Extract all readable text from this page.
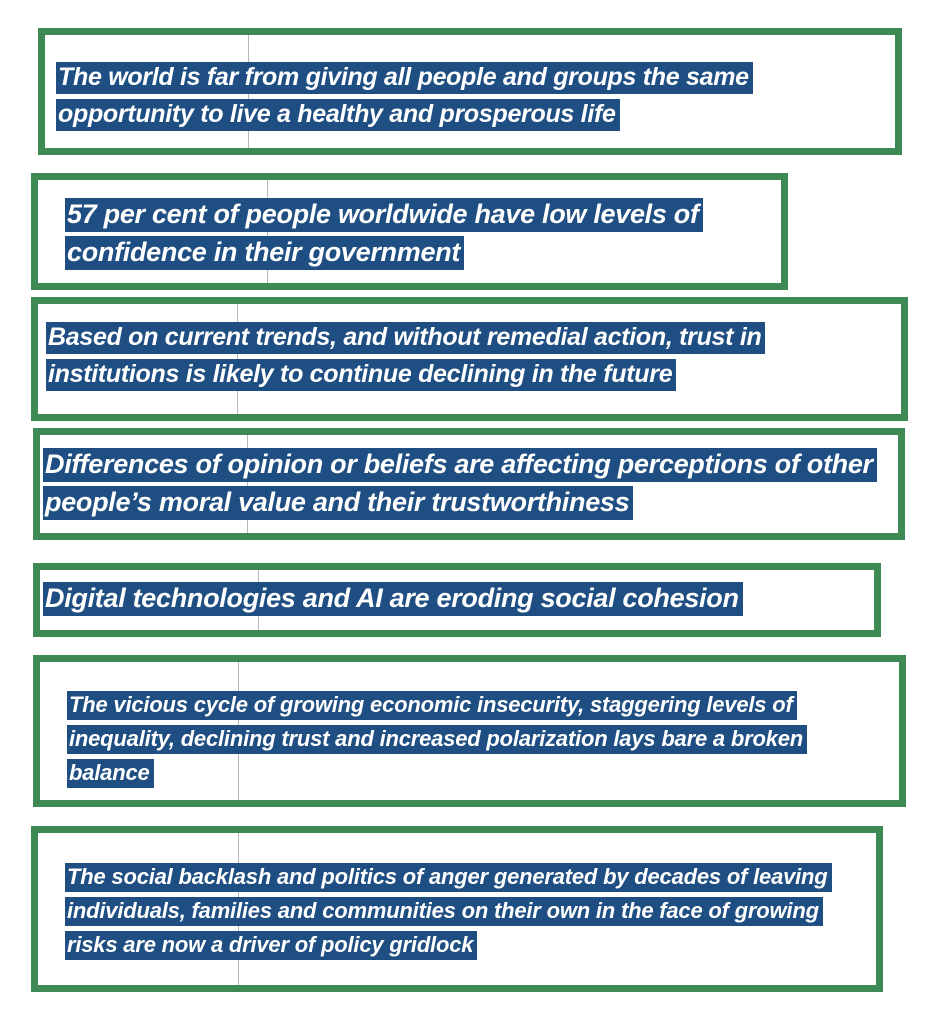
The world is far from giving all people and groups the same opportunity to live a healthy and prosperous life

57 per cent of people worldwide have low levels of confidence in their government

Based on current trends, and without remedial action, trust in institutions is likely to continue declining in the future

Differences of opinion or beliefs are affecting perceptions of other people’s moral value and their trustworthiness

Digital technologies and AI are eroding social cohesion

The vicious cycle of growing economic insecurity, staggering levels of inequality, declining trust and increased polarization lays bare a broken balance

The social backlash and politics of anger generated by decades of leaving individuals, families and communities on their own in the face of growing risks are now a driver of policy gridlock
